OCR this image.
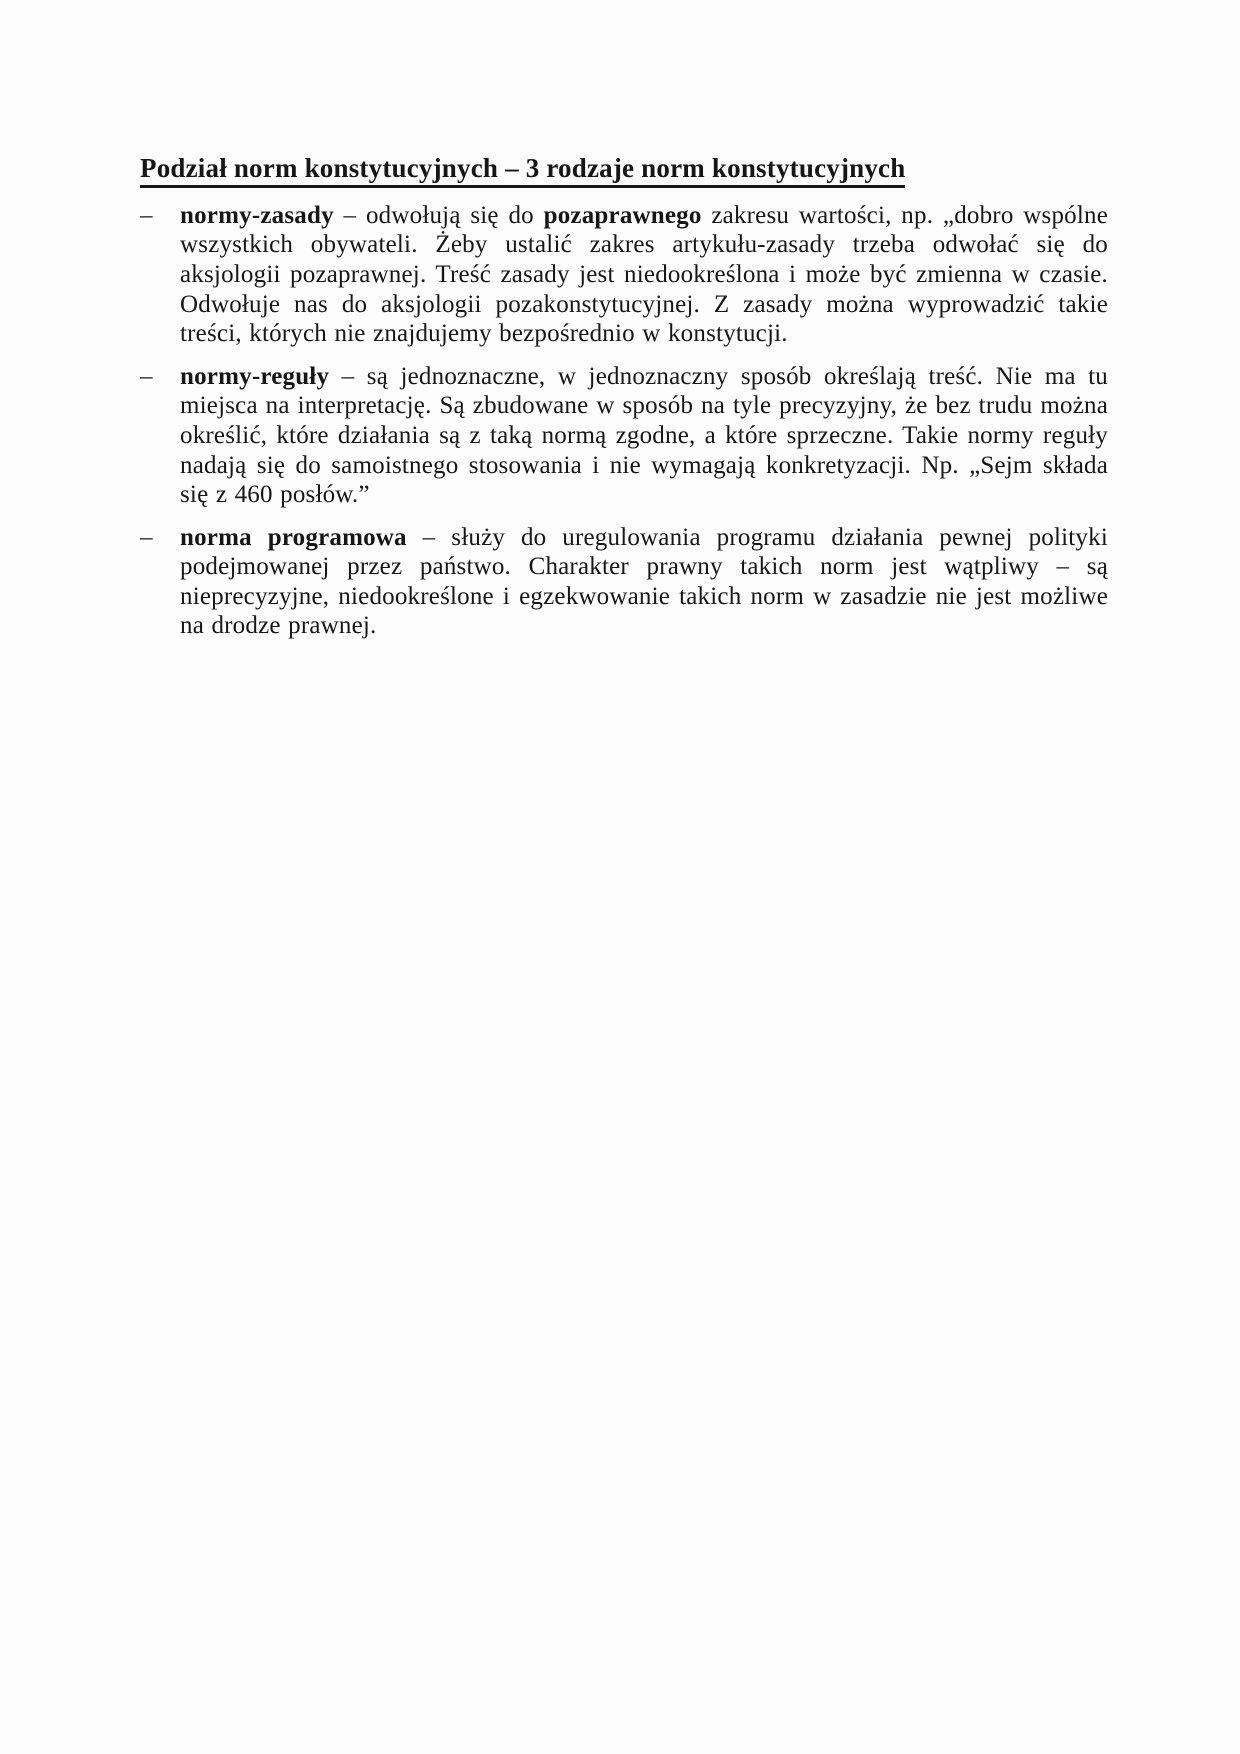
Podział norm konstytucyjnych – 3 rodzaje norm konstytucyjnych
–	normy-zasady – odwołują się do pozaprawnego zakresu wartości, np. „dobro wspólne wszystkich obywateli. Żeby ustalić zakres artykułu-zasady trzeba odwołać się do aksjologii pozaprawnej. Treść zasady jest niedookreślona i może być zmienna w czasie. Odwołuje nas do aksjologii pozakonstytucyjnej. Z zasady można wyprowadzić takie treści, których nie znajdujemy bezpośrednio w konstytucji.

–	normy-reguły – są jednoznaczne, w jednoznaczny sposób określają treść. Nie ma tu miejsca na interpretację. Są zbudowane w sposób na tyle precyzyjny, że bez trudu można określić, które działania są z taką normą zgodne, a które sprzeczne. Takie normy reguły nadają się do samoistnego stosowania i nie wymagają konkretyzacji. Np. „Sejm składa się z 460 posłów.”

–	norma programowa – służy do uregulowania programu działania pewnej polityki podejmowanej przez państwo. Charakter prawny takich norm jest wątpliwy – są nieprecyzyjne, niedookreślone i egzekwowanie takich norm w zasadzie nie jest możliwe na drodze prawnej.
